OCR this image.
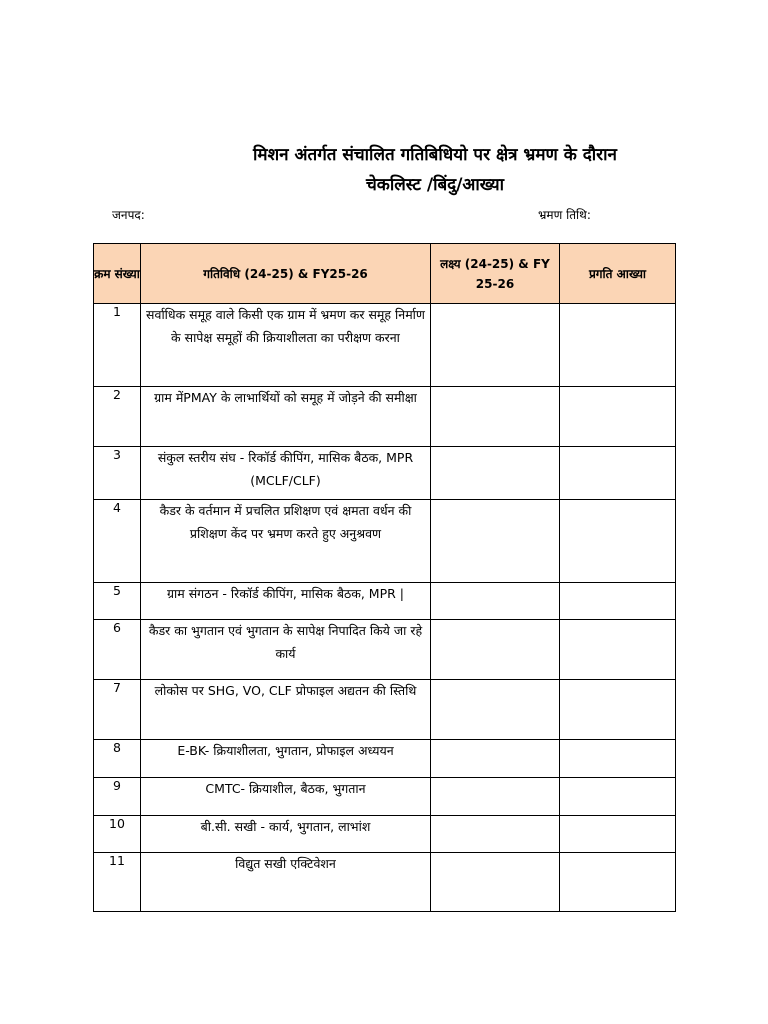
मिशन अंतर्गत संचालित गतिबिधियो पर क्षेत्र भ्रमण के दौरान

चेकलिस्ट /बिंदु/आख्या
जनपद:	भ्रमण तिथि:
क्रम संख्या	गतिविधि (24-25) & FY25-26	लक्ष्य (24-25) & FY 25-26	प्रगति आख्या
1	सर्वाधिक समूह वाले किसी एक ग्राम में भ्रमण कर समूह निर्माण के सापेक्ष समूहों की क्रियाशीलता का परीक्षण करना		
2	ग्राम मेंPMAY के लाभार्थियों को समूह में जोड़ने की समीक्षा		
3	संकुल स्तरीय संघ - रिकॉर्ड कीपिंग, मासिक बैठक, MPR (MCLF/CLF)		
4	कैडर के वर्तमान में प्रचलित प्रशिक्षण एवं क्षमता वर्धन की प्रशिक्षण केंद पर भ्रमण करते हुए अनुश्रवण		
5	ग्राम संगठन - रिकॉर्ड कीपिंग, मासिक बैठक, MPR |		
6	कैडर का भुगतान एवं भुगतान के सापेक्ष निपादित किये जा रहे कार्य		
7	लोकोस पर SHG, VO, CLF प्रोफाइल अद्यतन की स्तिथि		
8	E-BK- क्रियाशीलता, भुगतान, प्रोफाइल अध्ययन		
9	CMTC- क्रियाशील, बैठक, भुगतान		
10	बी.सी. सखी - कार्य, भुगतान, लाभांश		
11	विद्युत सखी एक्टिवेशन		
